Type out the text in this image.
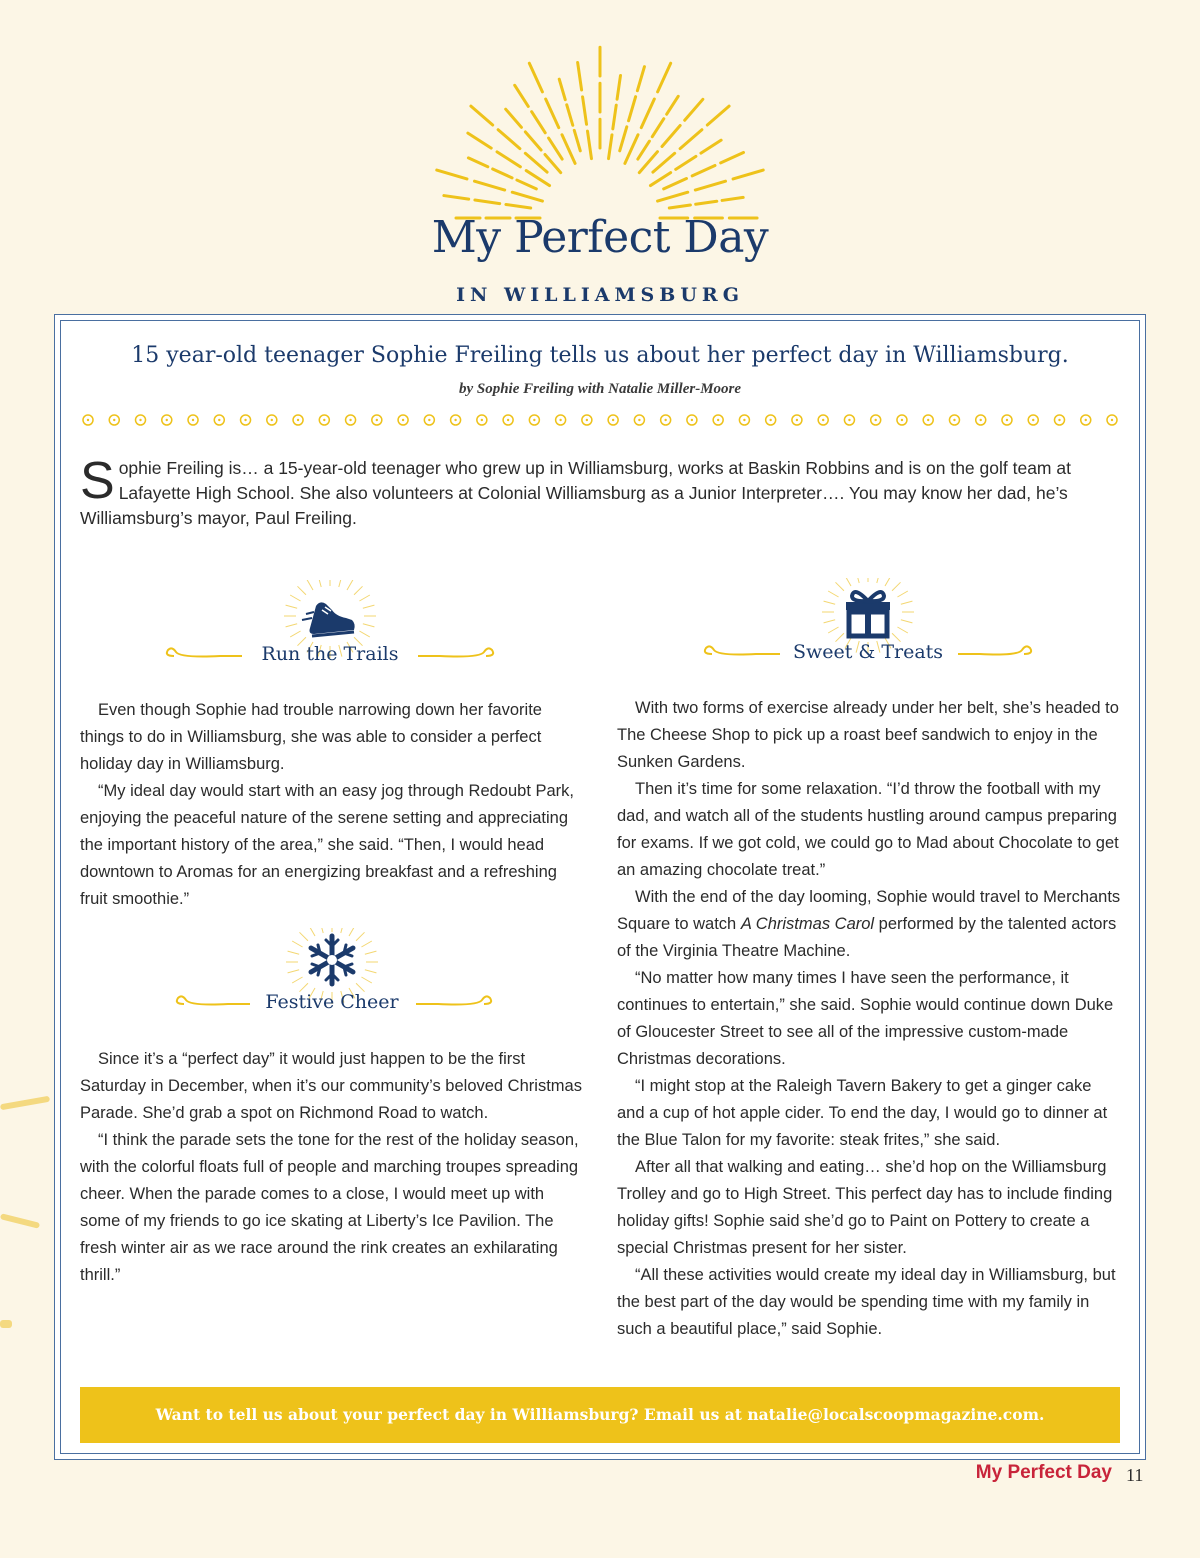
My Perfect Day
IN WILLIAMSBURG
15 year-old teenager Sophie Freiling tells us about her perfect day in Williamsburg.
by Sophie Freiling with Natalie Miller-Moore
Sophie Freiling is… a 15-year-old teenager who grew up in Williamsburg, works at Baskin Robbins and is on the golf team at Lafayette High School. She also volunteers at Colonial Williamsburg as a Junior Interpreter…. You may know her dad, he’s Williamsburg’s mayor, Paul Freiling.
Run the Trails
Festive Cheer
Sweet & Treats

Even though Sophie had trouble narrowing down her favorite things to do in Williamsburg, she was able to consider a perfect holiday day in Williamsburg.

“My ideal day would start with an easy jog through Redoubt Park, enjoying the peaceful nature of the serene setting and appreciating the important history of the area,” she said. “Then, I would head downtown to Aromas for an energizing breakfast and a refreshing fruit smoothie.”

Since it’s a “perfect day” it would just happen to be the first Saturday in December, when it’s our community’s beloved Christmas Parade. She’d grab a spot on Richmond Road to watch.

“I think the parade sets the tone for the rest of the holiday season, with the colorful floats full of people and marching troupes spreading cheer. When the parade comes to a close, I would meet up with some of my friends to go ice skating at Liberty’s Ice Pavilion. The fresh winter air as we race around the rink creates an exhilarating thrill.”

With two forms of exercise already under her belt, she’s headed to The Cheese Shop to pick up a roast beef sandwich to enjoy in the Sunken Gardens.

Then it’s time for some relaxation. “I’d throw the football with my dad, and watch all of the students hustling around campus preparing for exams. If we got cold, we could go to Mad about Chocolate to get an amazing chocolate treat.”

With the end of the day looming, Sophie would travel to Merchants Square to watch A Christmas Carol performed by the talented actors of the Virginia Theatre Machine.

“No matter how many times I have seen the performance, it continues to entertain,” she said. Sophie would continue down Duke of Gloucester Street to see all of the impressive custom-made Christmas decorations.

“I might stop at the Raleigh Tavern Bakery to get a ginger cake and a cup of hot apple cider. To end the day, I would go to dinner at the Blue Talon for my favorite: steak frites,” she said.

After all that walking and eating… she’d hop on the Williamsburg Trolley and go to High Street. This perfect day has to include finding holiday gifts! Sophie said she’d go to Paint on Pottery to create a special Christmas present for her sister.

“All these activities would create my ideal day in Williamsburg, but the best part of the day would be spending time with my family in such a beautiful place,” said Sophie.

Want to tell us about your perfect day in Williamsburg? Email us at natalie@localscoopmagazine.com.
My Perfect Day 11
